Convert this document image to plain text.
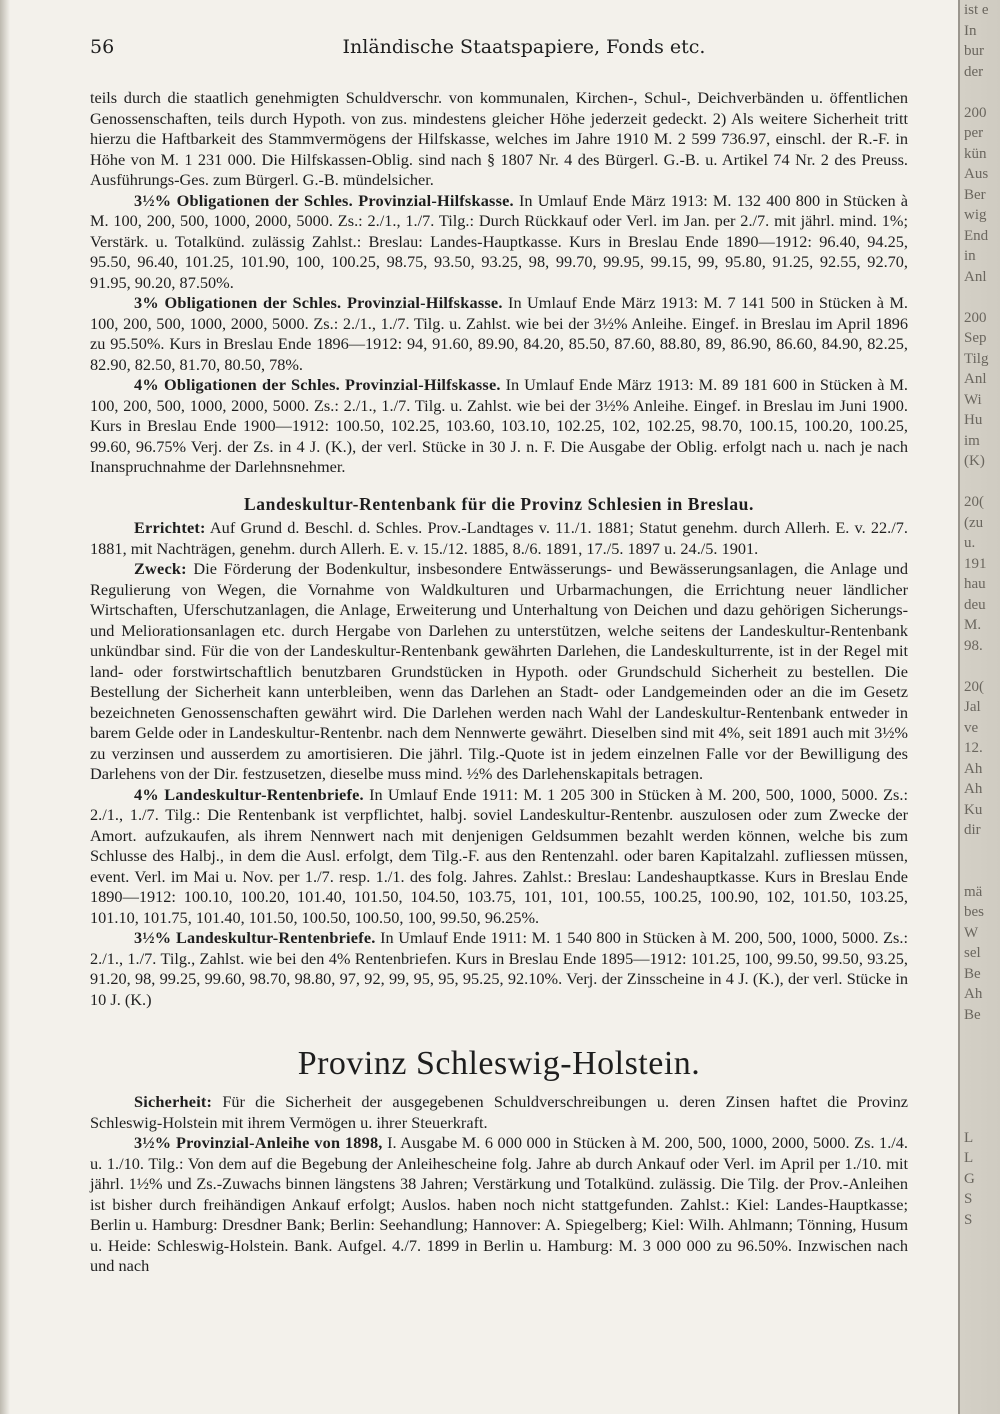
56	Inländische Staatspapiere, Fonds etc.

teils durch die staatlich genehmigten Schuldverschr. von kommunalen, Kirchen-, Schul-, Deichverbänden u. öffentlichen Genossenschaften, teils durch Hypoth. von zus. mindestens gleicher Höhe jederzeit gedeckt. 2) Als weitere Sicherheit tritt hierzu die Haftbarkeit des Stammvermögens der Hilfskasse, welches im Jahre 1910 M. 2 599 736.97, einschl. der R.-F. in Höhe von M. 1 231 000. Die Hilfskassen-Oblig. sind nach § 1807 Nr. 4 des Bürgerl. G.-B. u. Artikel 74 Nr. 2 des Preuss. Ausführungs-Ges. zum Bürgerl. G.-B. mündelsicher.

3½% Obligationen der Schles. Provinzial-Hilfskasse. In Umlauf Ende März 1913: M. 132 400 800 in Stücken à M. 100, 200, 500, 1000, 2000, 5000. Zs.: 2./1., 1./7. Tilg.: Durch Rückkauf oder Verl. im Jan. per 2./7. mit jährl. mind. 1%; Verstärk. u. Totalkünd. zulässig Zahlst.: Breslau: Landes-Hauptkasse. Kurs in Breslau Ende 1890—1912: 96.40, 94.25, 95.50, 96.40, 101.25, 101.90, 100, 100.25, 98.75, 93.50, 93.25, 98, 99.70, 99.95, 99.15, 99, 95.80, 91.25, 92.55, 92.70, 91.95, 90.20, 87.50%.

3% Obligationen der Schles. Provinzial-Hilfskasse. In Umlauf Ende März 1913: M. 7 141 500 in Stücken à M. 100, 200, 500, 1000, 2000, 5000. Zs.: 2./1., 1./7. Tilg. u. Zahlst. wie bei der 3½% Anleihe. Eingef. in Breslau im April 1896 zu 95.50%. Kurs in Breslau Ende 1896—1912: 94, 91.60, 89.90, 84.20, 85.50, 87.60, 88.80, 89, 86.90, 86.60, 84.90, 82.25, 82.90, 82.50, 81.70, 80.50, 78%.

4% Obligationen der Schles. Provinzial-Hilfskasse. In Umlauf Ende März 1913: M. 89 181 600 in Stücken à M. 100, 200, 500, 1000, 2000, 5000. Zs.: 2./1., 1./7. Tilg. u. Zahlst. wie bei der 3½% Anleihe. Eingef. in Breslau im Juni 1900. Kurs in Breslau Ende 1900—1912: 100.50, 102.25, 103.60, 103.10, 102.25, 102, 102.25, 98.70, 100.15, 100.20, 100.25, 99.60, 96.75% Verj. der Zs. in 4 J. (K.), der verl. Stücke in 30 J. n. F. Die Ausgabe der Oblig. erfolgt nach u. nach je nach Inanspruchnahme der Darlehnsnehmer.

Landeskultur-Rentenbank für die Provinz Schlesien in Breslau.

Errichtet: Auf Grund d. Beschl. d. Schles. Prov.-Landtages v. 11./1. 1881; Statut genehm. durch Allerh. E. v. 22./7. 1881, mit Nachträgen, genehm. durch Allerh. E. v. 15./12. 1885, 8./6. 1891, 17./5. 1897 u. 24./5. 1901.

Zweck: Die Förderung der Bodenkultur, insbesondere Entwässerungs- und Bewässerungsanlagen, die Anlage und Regulierung von Wegen, die Vornahme von Waldkulturen und Urbarmachungen, die Errichtung neuer ländlicher Wirtschaften, Uferschutzanlagen, die Anlage, Erweiterung und Unterhaltung von Deichen und dazu gehörigen Sicherungs- und Meliorationsanlagen etc. durch Hergabe von Darlehen zu unterstützen, welche seitens der Landeskultur-Rentenbank unkündbar sind. Für die von der Landeskultur-Rentenbank gewährten Darlehen, die Landeskulturrente, ist in der Regel mit land- oder forstwirtschaftlich benutzbaren Grundstücken in Hypoth. oder Grundschuld Sicherheit zu bestellen. Die Bestellung der Sicherheit kann unterbleiben, wenn das Darlehen an Stadt- oder Landgemeinden oder an die im Gesetz bezeichneten Genossenschaften gewährt wird. Die Darlehen werden nach Wahl der Landeskultur-Rentenbank entweder in barem Gelde oder in Landeskultur-Rentenbr. nach dem Nennwerte gewährt. Dieselben sind mit 4%, seit 1891 auch mit 3½% zu verzinsen und ausserdem zu amortisieren. Die jährl. Tilg.-Quote ist in jedem einzelnen Falle vor der Bewilligung des Darlehens von der Dir. festzusetzen, dieselbe muss mind. ½% des Darlehenskapitals betragen.

4% Landeskultur-Rentenbriefe. In Umlauf Ende 1911: M. 1 205 300 in Stücken à M. 200, 500, 1000, 5000. Zs.: 2./1., 1./7. Tilg.: Die Rentenbank ist verpflichtet, halbj. soviel Landeskultur-Rentenbr. auszulosen oder zum Zwecke der Amort. aufzukaufen, als ihrem Nennwert nach mit denjenigen Geldsummen bezahlt werden können, welche bis zum Schlusse des Halbj., in dem die Ausl. erfolgt, dem Tilg.-F. aus den Rentenzahl. oder baren Kapitalzahl. zufliessen müssen, event. Verl. im Mai u. Nov. per 1./7. resp. 1./1. des folg. Jahres. Zahlst.: Breslau: Landeshauptkasse. Kurs in Breslau Ende 1890—1912: 100.10, 100.20, 101.40, 101.50, 104.50, 103.75, 101, 101, 100.55, 100.25, 100.90, 102, 101.50, 103.25, 101.10, 101.75, 101.40, 101.50, 100.50, 100.50, 100, 99.50, 96.25%.

3½% Landeskultur-Rentenbriefe. In Umlauf Ende 1911: M. 1 540 800 in Stücken à M. 200, 500, 1000, 5000. Zs.: 2./1., 1./7. Tilg., Zahlst. wie bei den 4% Rentenbriefen. Kurs in Breslau Ende 1895—1912: 101.25, 100, 99.50, 99.50, 93.25, 91.20, 98, 99.25, 99.60, 98.70, 98.80, 97, 92, 99, 95, 95, 95.25, 92.10%. Verj. der Zinsscheine in 4 J. (K.), der verl. Stücke in 10 J. (K.)

Provinz Schleswig-Holstein.

Sicherheit: Für die Sicherheit der ausgegebenen Schuldverschreibungen u. deren Zinsen haftet die Provinz Schleswig-Holstein mit ihrem Vermögen u. ihrer Steuerkraft.

3½% Provinzial-Anleihe von 1898, I. Ausgabe M. 6 000 000 in Stücken à M. 200, 500, 1000, 2000, 5000. Zs. 1./4. u. 1./10. Tilg.: Von dem auf die Begebung der Anleihescheine folg. Jahre ab durch Ankauf oder Verl. im April per 1./10. mit jährl. 1½% und Zs.-Zuwachs binnen längstens 38 Jahren; Verstärkung und Totalkünd. zulässig. Die Tilg. der Prov.-Anleihen ist bisher durch freihändigen Ankauf erfolgt; Auslos. haben noch nicht stattgefunden. Zahlst.: Kiel: Landes-Hauptkasse; Berlin u. Hamburg: Dresdner Bank; Berlin: Seehandlung; Hannover: A. Spiegelberg; Kiel: Wilh. Ahlmann; Tönning, Husum u. Heide: Schleswig-Holstein. Bank. Aufgel. 4./7. 1899 in Berlin u. Hamburg: M. 3 000 000 zu 96.50%. Inzwischen nach und nach

ist e
In
bur
der

200
per
kün
Aus
Ber
wig
End
in
Anl

200
Sep
Tilg
Anl
Wi
Hu
im
(K)

20(
(zu
u.
191
hau
deu
M.
98.

20(
Jal
ve
12.
Ah
Ah
Ku
dir

mä
bes
W
sel
Be
Ah
Be

L
L
G
S
S
